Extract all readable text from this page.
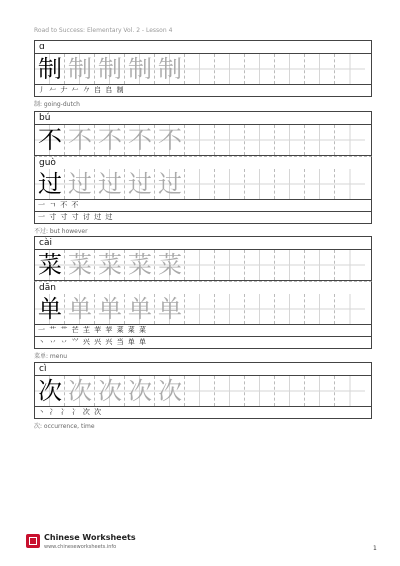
Road to Success: Elementary Vol. 2 - Lesson 4
ɑ
制 制 制 制 制
丿 𠂉 𠂇 𠂉 𠂊 𠂤 𠂤 制
制: going-dutch
bú
不 不 不 不 不
guò
过 过 过 过 过
一 ㄱ 不 不
一 寸 寸 寸 讨 过 过
不过: but however
cài
菜 菜 菜 菜 菜
dān
单 单 单 单 单
一 艹 艹 芒 芏 苹 苹 菜 菜 菜
丶 丷 丷 ⺍ 兴 兴 兴 当 单 单
菜单: menu
cì
次 次 次 次 次
丶 冫 冫 冫 次 次
次: occurrence, time
Chinese Worksheets
www.chineseworksheets.info	1
